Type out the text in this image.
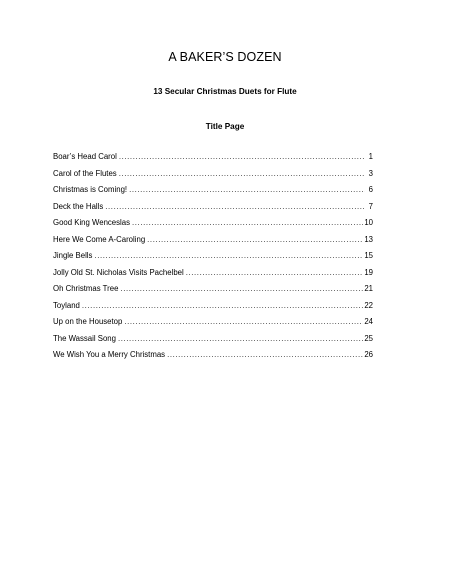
A BAKER’S DOZEN
13 Secular Christmas Duets for Flute
Title Page
Boar’s Head Carol .....	1
Carol of the Flutes .....	3
Christmas is Coming! .....	6
Deck the Halls .....	7
Good King Wenceslas .....	10
Here We Come A-Caroling .....	13
Jingle Bells .....	15
Jolly Old St. Nicholas Visits Pachelbel .....	19
Oh Christmas Tree .....	21
Toyland .....	22
Up on the Housetop .....	24
The Wassail Song .....	25
We Wish You a Merry Christmas .....	26
